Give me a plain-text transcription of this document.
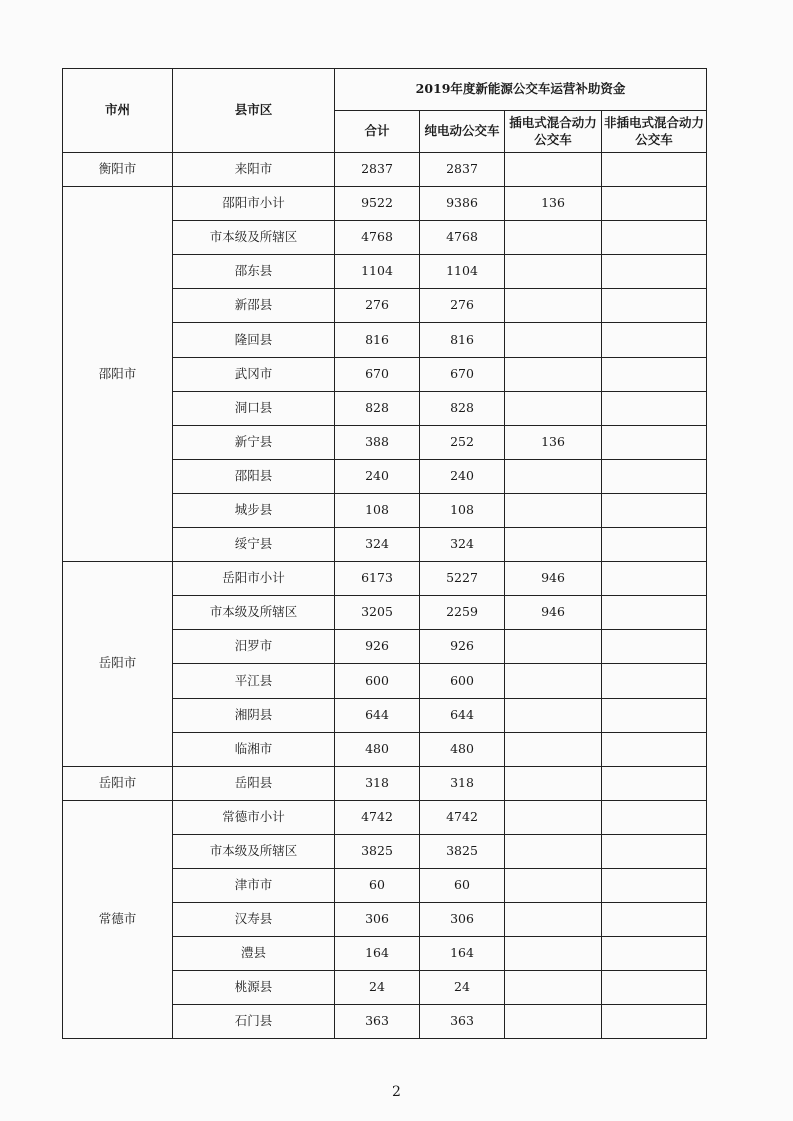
市州	县市区	2019年度新能源公交车运营补助资金			
		合计	纯电动公交车	插电式混合动力公交车	非插电式混合动力公交车
衡阳市	来阳市	2837	2837		
邵阳市	邵阳市小计	9522	9386	136	
	市本级及所辖区	4768	4768		
	邵东县	1104	1104		
	新邵县	276	276		
	隆回县	816	816		
	武冈市	670	670		
	洞口县	828	828		
	新宁县	388	252	136	
	邵阳县	240	240		
	城步县	108	108		
	绥宁县	324	324		
岳阳市	岳阳市小计	6173	5227	946	
	市本级及所辖区	3205	2259	946	
	汨罗市	926	926		
	平江县	600	600		
	湘阴县	644	644		
	临湘市	480	480		
岳阳市	岳阳县	318	318		
常德市	常德市小计	4742	4742		
	市本级及所辖区	3825	3825		
	津市市	60	60		
	汉寿县	306	306		
	澧县	164	164		
	桃源县	24	24		
	石门县	363	363		
2
